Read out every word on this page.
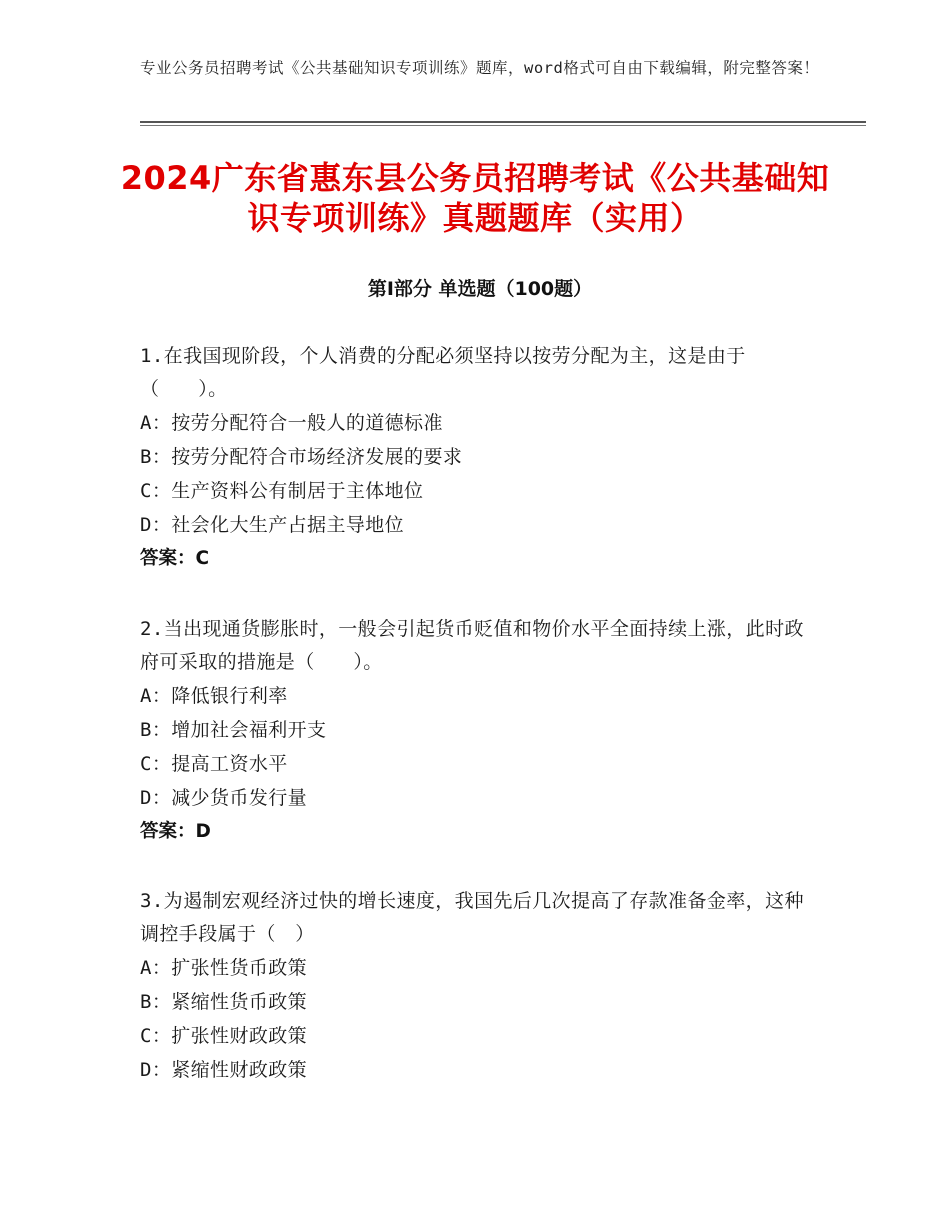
专业公务员招聘考试《公共基础知识专项训练》题库，word格式可自由下载编辑，附完整答案！
2024广东省惠东县公务员招聘考试《公共基础知识专项训练》真题题库（实用）
第Ⅰ部分 单选题（100题）

1.在我国现阶段，个人消费的分配必须坚持以按劳分配为主，这是由于（　　）。

A：按劳分配符合一般人的道德标准

B：按劳分配符合市场经济发展的要求

C：生产资料公有制居于主体地位

D：社会化大生产占据主导地位

答案：C

2.当出现通货膨胀时，一般会引起货币贬值和物价水平全面持续上涨，此时政府可采取的措施是（　　）。

A：降低银行利率

B：增加社会福利开支

C：提高工资水平

D：减少货币发行量

答案：D

3.为遏制宏观经济过快的增长速度，我国先后几次提高了存款准备金率，这种调控手段属于（　）

A：扩张性货币政策

B：紧缩性货币政策

C：扩张性财政政策

D：紧缩性财政政策
